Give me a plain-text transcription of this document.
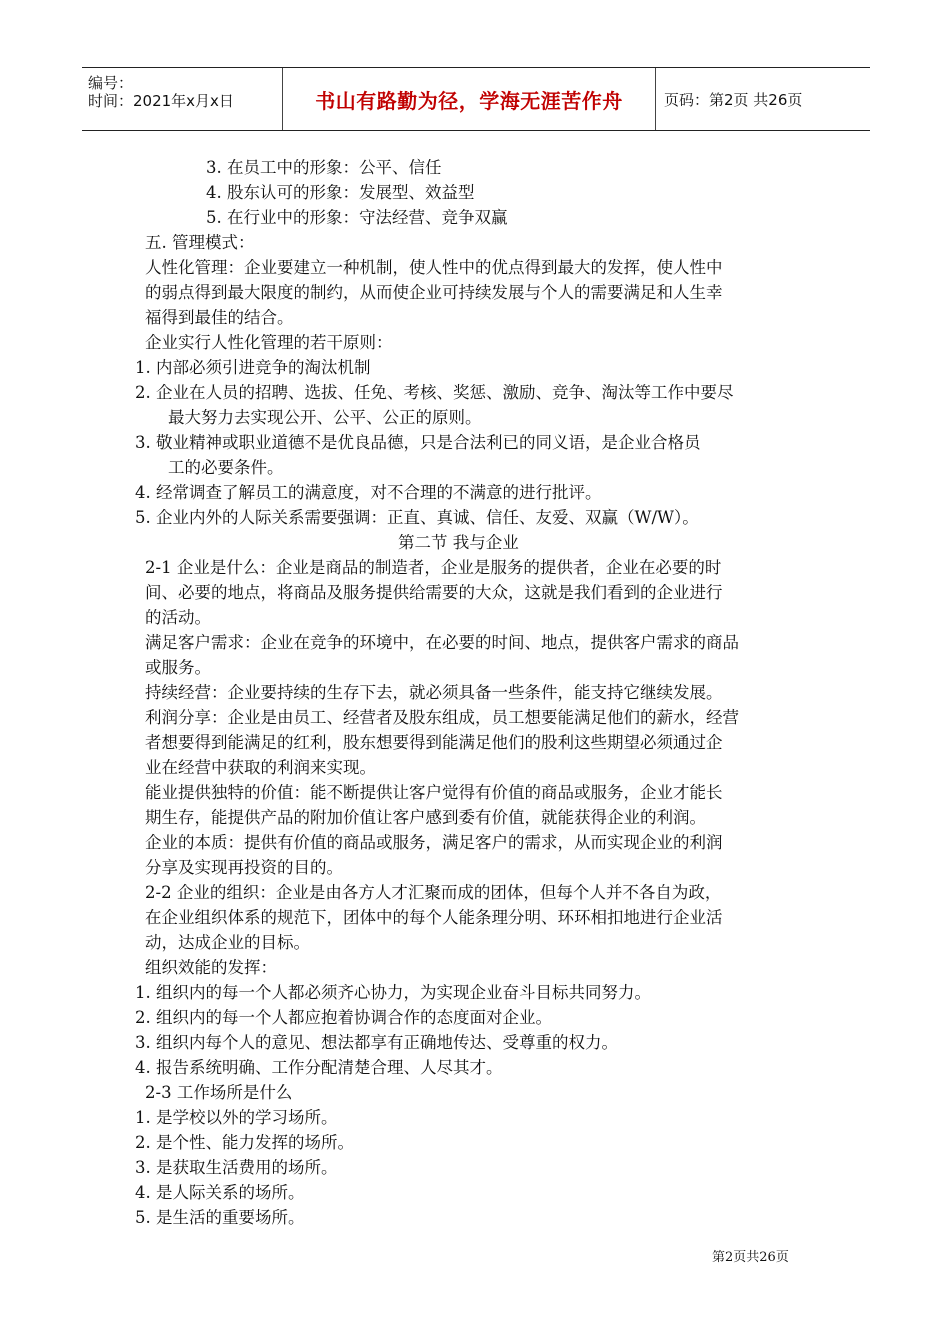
编号：
时间：2021年x月x日	书山有路勤为径，学海无涯苦作舟	页码：第2页 共26页
3. 在员工中的形象：公平、信任
4. 股东认可的形象：发展型、效益型
5. 在行业中的形象：守法经营、竞争双赢
五. 管理模式：
人性化管理：企业要建立一种机制，使人性中的优点得到最大的发挥，使人性中
的弱点得到最大限度的制约，从而使企业可持续发展与个人的需要满足和人生幸
福得到最佳的结合。
企业实行人性化管理的若干原则：
1. 内部必须引进竞争的淘汰机制
2. 企业在人员的招聘、选拔、任免、考核、奖惩、激励、竞争、淘汰等工作中要尽
最大努力去实现公开、公平、公正的原则。
3. 敬业精神或职业道德不是优良品德，只是合法利已的同义语，是企业合格员
工的必要条件。
4. 经常调查了解员工的满意度，对不合理的不满意的进行批评。
5. 企业内外的人际关系需要强调：正直、真诚、信任、友爱、双赢（W/W）。
第二节 我与企业
2-1 企业是什么：企业是商品的制造者，企业是服务的提供者，企业在必要的时
间、必要的地点，将商品及服务提供给需要的大众，这就是我们看到的企业进行
的活动。
满足客户需求：企业在竞争的环境中，在必要的时间、地点，提供客户需求的商品
或服务。
持续经营：企业要持续的生存下去，就必须具备一些条件，能支持它继续发展。
利润分享：企业是由员工、经营者及股东组成，员工想要能满足他们的薪水，经营
者想要得到能满足的红利，股东想要得到能满足他们的股利这些期望必须通过企
业在经营中获取的利润来实现。
能业提供独特的价值：能不断提供让客户觉得有价值的商品或服务，企业才能长
期生存，能提供产品的附加价值让客户感到委有价值，就能获得企业的利润。
企业的本质：提供有价值的商品或服务，满足客户的需求，从而实现企业的利润
分享及实现再投资的目的。
2-2 企业的组织：企业是由各方人才汇聚而成的团体，但每个人并不各自为政，
在企业组织体系的规范下，团体中的每个人能条理分明、环环相扣地进行企业活
动，达成企业的目标。
组织效能的发挥：
1. 组织内的每一个人都必须齐心协力，为实现企业奋斗目标共同努力。
2. 组织内的每一个人都应抱着协调合作的态度面对企业。
3. 组织内每个人的意见、想法都享有正确地传达、受尊重的权力。
4. 报告系统明确、工作分配清楚合理、人尽其才。
2-3 工作场所是什么
1. 是学校以外的学习场所。
2. 是个性、能力发挥的场所。
3. 是获取生活费用的场所。
4. 是人际关系的场所。
5. 是生活的重要场所。
第2页共26页
